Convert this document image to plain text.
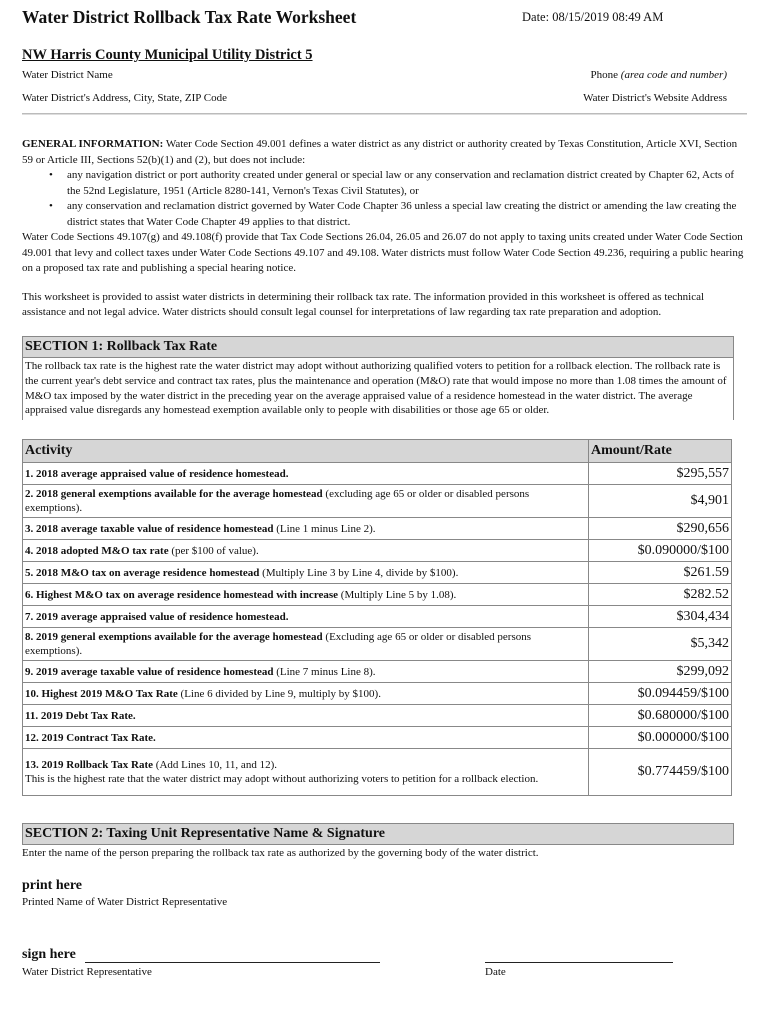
Water District Rollback Tax Rate Worksheet	Date: 08/15/2019 08:49 AM
NW Harris County Municipal Utility District 5
Water District Name	Phone (area code and number)
Water District's Address, City, State, ZIP Code	Water District's Website Address

GENERAL INFORMATION: Water Code Section 49.001 defines a water district as any district or authority created by Texas Constitution, Article XVI, Section 59 or Article III, Sections 52(b)(1) and (2), but does not include:

• any navigation district or port authority created under general or special law or any conservation and reclamation district created by Chapter 62, Acts of the 52nd Legislature, 1951 (Article 8280-141, Vernon's Texas Civil Statutes), or
• any conservation and reclamation district governed by Water Code Chapter 36 unless a special law creating the district or amending the law creating the district states that Water Code Chapter 49 applies to that district.

Water Code Sections 49.107(g) and 49.108(f) provide that Tax Code Sections 26.04, 26.05 and 26.07 do not apply to taxing units created under Water Code Section 49.001 that levy and collect taxes under Water Code Sections 49.107 and 49.108. Water districts must follow Water Code Section 49.236, requiring a public hearing on a proposed tax rate and publishing a special hearing notice.

This worksheet is provided to assist water districts in determining their rollback tax rate. The information provided in this worksheet is offered as technical assistance and not legal advice. Water districts should consult legal counsel for interpretations of law regarding tax rate preparation and adoption.

SECTION 1: Rollback Tax Rate
The rollback tax rate is the highest rate the water district may adopt without authorizing qualified voters to petition for a rollback election. The rollback rate is the current year's debt service and contract tax rates, plus the maintenance and operation (M&O) rate that would impose no more than 1.08 times the amount of M&O tax imposed by the water district in the preceding year on the average appraised value of a residence homestead in the water district. The average appraised value disregards any homestead exemption available only to people with disabilities or those age 65 or older.
Activity	Amount/Rate
1. 2018 average appraised value of residence homestead.	$295,557
2. 2018 general exemptions available for the average homestead (excluding age 65 or older or disabled persons exemptions).	$4,901
3. 2018 average taxable value of residence homestead (Line 1 minus Line 2).	$290,656
4. 2018 adopted M&O tax rate (per $100 of value).	$0.090000/$100
5. 2018 M&O tax on average residence homestead (Multiply Line 3 by Line 4, divide by $100).	$261.59
6. Highest M&O tax on average residence homestead with increase (Multiply Line 5 by 1.08).	$282.52
7. 2019 average appraised value of residence homestead.	$304,434
8. 2019 general exemptions available for the average homestead (Excluding age 65 or older or disabled persons exemptions).	$5,342
9. 2019 average taxable value of residence homestead (Line 7 minus Line 8).	$299,092
10. Highest 2019 M&O Tax Rate (Line 6 divided by Line 9, multiply by $100).	$0.094459/$100
11. 2019 Debt Tax Rate.	$0.680000/$100
12. 2019 Contract Tax Rate.	$0.000000/$100
13. 2019 Rollback Tax Rate (Add Lines 10, 11, and 12).
This is the highest rate that the water district may adopt without authorizing voters to petition for a rollback election.	$0.774459/$100
SECTION 2: Taxing Unit Representative Name & Signature
Enter the name of the person preparing the rollback tax rate as authorized by the governing body of the water district.
print here
Printed Name of Water District Representative
sign here
Water District Representative	Date
